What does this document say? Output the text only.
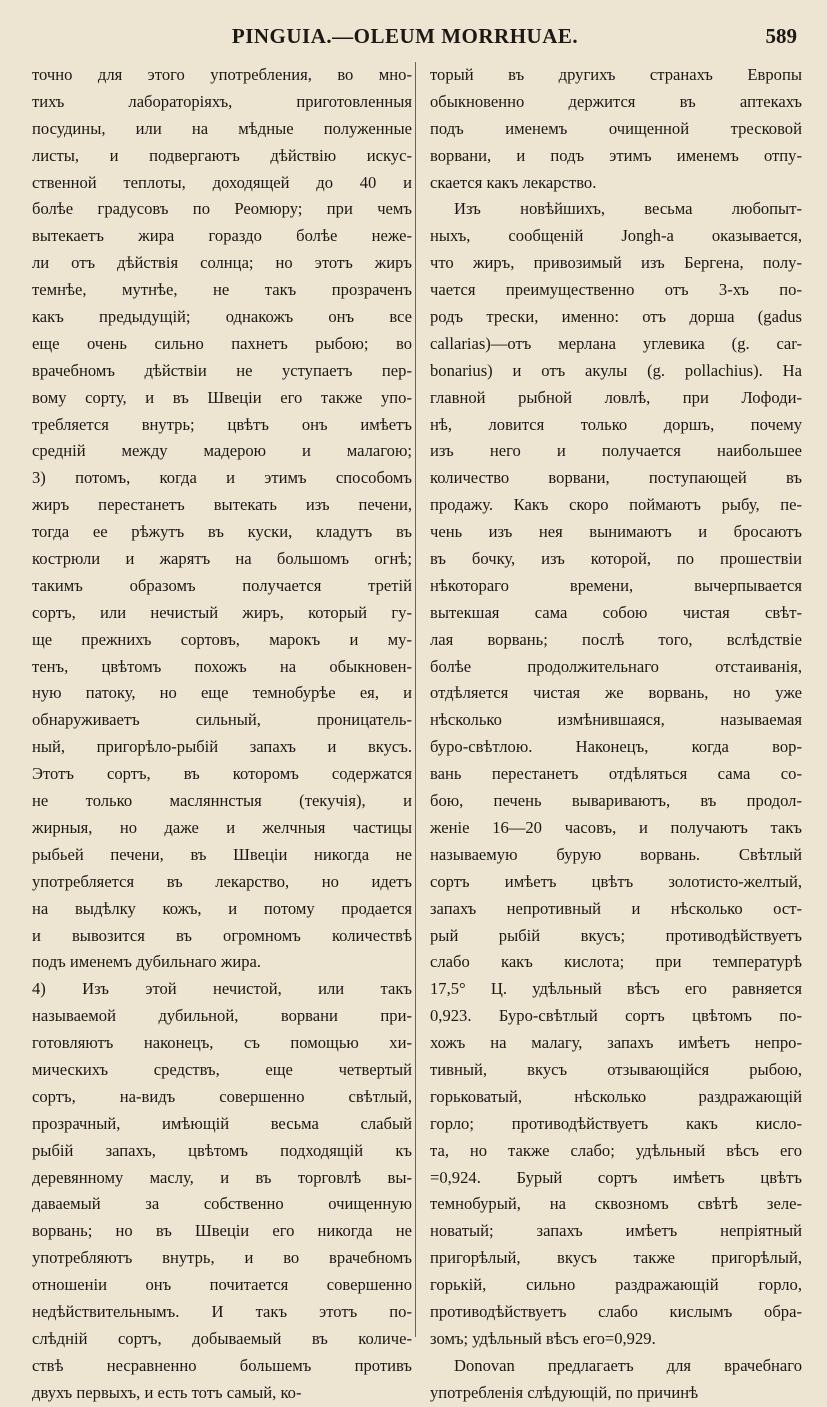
PINGUIA.—OLEUM MORRHUAE.	589
точно для этого употребления, во мно-
тихъ лабораторіяхъ, приготовленныя
посудины, или на мѣдные полуженные
листы, и подвергаютъ дѣйствію искус-
ственной теплоты, доходящей до 40 и
болѣе градусовъ по Реомюру; при чемъ
вытекаетъ жира гораздо болѣе неже-
ли отъ дѣйствія солнца; но этотъ жиръ
темнѣе, мутнѣе, не такъ прозраченъ
какъ предыдущій; однакожъ онъ все
еще очень сильно пахнетъ рыбою; во
врачебномъ дѣйствіи не уступаетъ пер-
вому сорту, и въ Швеціи его также упо-
требляется внутрь; цвѣтъ онъ имѣетъ
средній между мадерою и малагою;
3) потомъ, когда и этимъ способомъ
жиръ перестанетъ вытекать изъ печени,
тогда ее рѣжутъ въ куски, кладутъ въ
кострюли и жарятъ на большомъ огнѣ;
такимъ образомъ получается третій
сортъ, или нечистый жиръ, который гу-
ще прежнихъ сортовъ, марокъ и му-
тенъ, цвѣтомъ похожъ на обыкновен-
ную патоку, но еще темнобурѣе ея, и
обнаруживаетъ сильный, проницатель-
ный, пригорѣло-рыбій запахъ и вкусъ.
Этотъ сортъ, въ которомъ содержатся
не только масляннстыя (текучія), и
жирныя, но даже и желчныя частицы
рыбьей печени, въ Швеціи никогда не
употребляется въ лекарство, но идетъ
на выдѣлку кожъ, и потому продается
и вывозится въ огромномъ количествѣ
подъ именемъ дубильнаго жира.
4) Изъ этой нечистой, или такъ
называемой дубильной, ворвани при-
готовляютъ наконецъ, съ помощью хи-
мическихъ средствъ, еще четвертый
сортъ, на-видъ совершенно свѣтлый,
прозрачный, имѣющій весьма слабый
рыбій запахъ, цвѣтомъ подходящій къ
деревянному маслу, и въ торговлѣ вы-
даваемый за собственно очищенную
ворвань; но въ Швеціи его никогда не
употребляютъ внутрь, и во врачебномъ
отношеніи онъ почитается совершенно
недѣйствительнымъ. И такъ этотъ по-
слѣдній сортъ, добываемый въ количе-
ствѣ несравненно большемъ противъ
двухъ первыхъ, и есть тотъ самый, ко-
торый въ другихъ странахъ Европы
обыкновенно держится въ аптекахъ
подъ именемъ очищенной тресковой
ворвани, и подъ этимъ именемъ отпу-
скается какъ лекарство.
Изъ новѣйшихъ, весьма любопыт-
ныхъ, сообщеній Jongh-а оказывается,
что жиръ, привозимый изъ Бергена, полу-
чается преимущественно отъ 3-хъ по-
родъ трески, именно: отъ дорша (gadus
callarias)—отъ мерлана углевика (g. car-
bonarius) и отъ акулы (g. pollachius). На
главной рыбной ловлѣ, при Лофоди-
нѣ, ловится только доршъ, почему
изъ него и получается наибольшее
количество ворвани, поступающей въ
продажу. Какъ скоро поймаютъ рыбу, пе-
чень изъ нея вынимаютъ и бросаютъ
въ бочку, изъ которой, по прошествіи
нѣкотораго времени, вычерпывается
вытекшая сама собою чистая свѣт-
лая ворвань; послѣ того, вслѣдствіе
болѣе продолжительнаго отстаиванія,
отдѣляется чистая же ворвань, но уже
нѣсколько измѣнившаяся, называемая
буро-свѣтлою. Наконецъ, когда вор-
вань перестанетъ отдѣляться сама со-
бою, печень вывариваютъ, въ продол-
женіе 16—20 часовъ, и получаютъ такъ
называемую бурую ворвань. Свѣтлый
сортъ имѣетъ цвѣтъ золотисто-желтый,
запахъ непротивный и нѣсколько ост-
рый рыбій вкусъ; противодѣйствуетъ
слабо какъ кислота; при температурѣ
17,5° Ц. удѣльный вѣсъ его равняется
0,923. Буро-свѣтлый сортъ цвѣтомъ по-
хожъ на малагу, запахъ имѣетъ непро-
тивный, вкусъ отзывающійся рыбою,
горьковатый, нѣсколько раздражающій
горло; противодѣйствуетъ какъ кисло-
та, но также слабо; удѣльный вѣсъ его
=0,924. Бурый сортъ имѣетъ цвѣтъ
темнобурый, на сквозномъ свѣтѣ зеле-
новатый; запахъ имѣетъ непріятный
пригорѣлый, вкусъ также пригорѣлый,
горькій, сильно раздражающій горло,
противодѣйствуетъ слабо кислымъ обра-
зомъ; удѣльный вѣсъ его=0,929.
Donovan предлагаетъ для врачебнаго
употребленія слѣдующій, по причинѣ
